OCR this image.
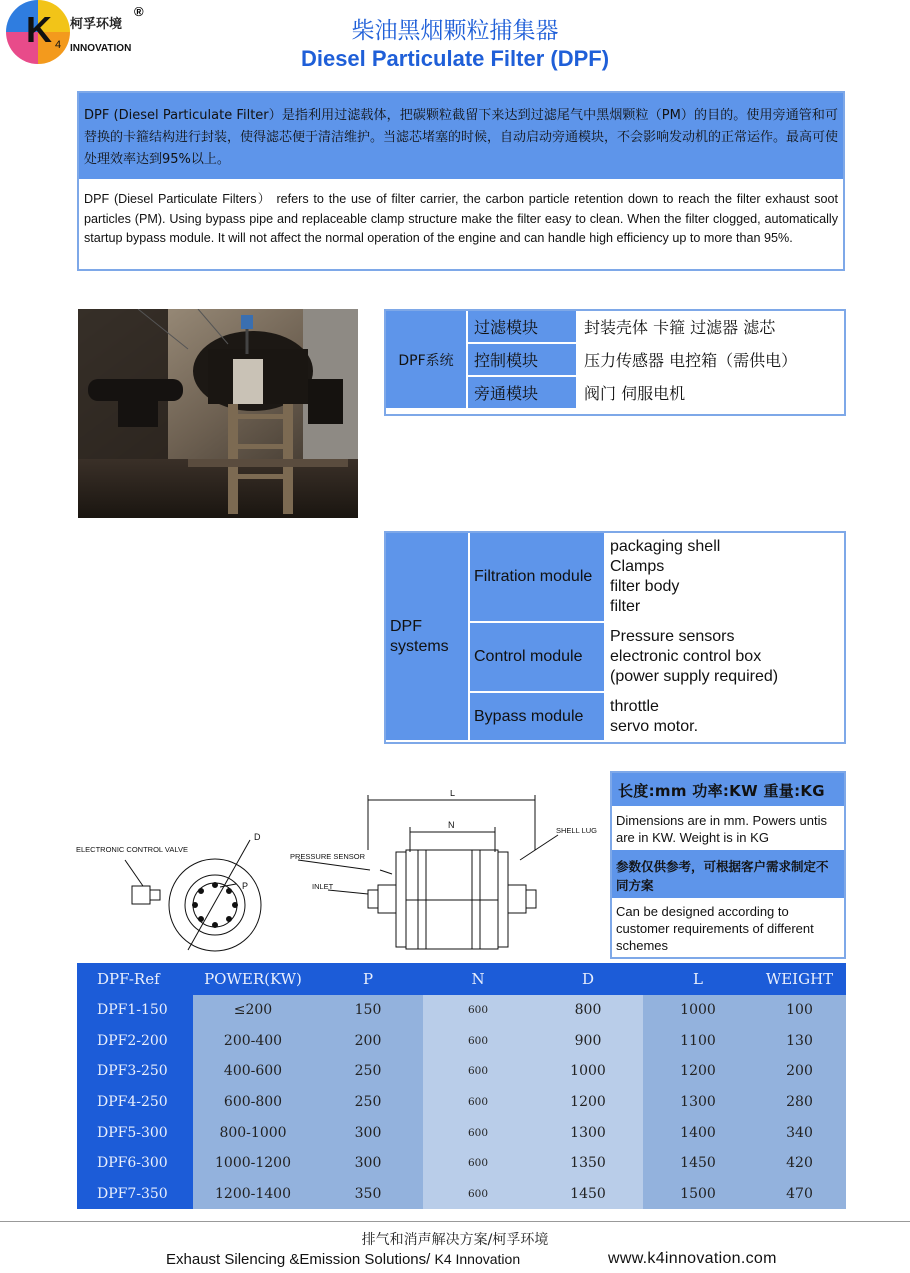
K 4
柯孚环境
INNOVATION
®
柴油黑烟颗粒捕集器
Diesel Particulate Filter (DPF)
DPF (Diesel Particulate Filter）是指利用过滤载体，把碳颗粒截留下来达到过滤尾气中黑烟颗粒（PM）的目的。使用旁通管和可替换的卡箍结构进行封装，使得滤芯便于清洁维护。当滤芯堵塞的时候，自动启动旁通模块，不会影响发动机的正常运作。最高可使处理效率达到95%以上。
DPF (Diesel Particulate Filters） refers to the use of filter carrier, the carbon particle retention down to reach the filter exhaust soot particles (PM). Using bypass pipe and replaceable clamp structure make the filter easy to clean. When the filter clogged, automatically startup bypass module. It will not affect the normal operation of the engine and can handle high efficiency up to more than 95%.
DPF系统	过滤模块	封装壳体 卡箍 过滤器 滤芯
	控制模块	压力传感器 电控箱（需供电）
	旁通模块	阀门 伺服电机
DPF systems	Filtration module	packaging shell
Clamps
filter body
filter

	Control module	Pressure sensors
electronic control box
(power supply required)

	Bypass module	throttle
servo motor.
长度:mm 功率:KW 重量:KG
Dimensions are in mm. Powers untis are in KW. Weight is in KG
参数仅供参考，可根据客户需求制定不同方案
Can be designed according to customer requirements of different schemes
ELECTRONIC CONTROL VALVE
D
P
L
N
PRESSURE SENSOR
INLET
SHELL LUG
DPF-Ref	POWER(KW)	P	N	D	L	WEIGHT
DPF1-150	≤200	150	600	800	1000	100
DPF2-200	200-400	200	600	900	1100	130
DPF3-250	400-600	250	600	1000	1200	200
DPF4-250	600-800	250	600	1200	1300	280
DPF5-300	800-1000	300	600	1300	1400	340
DPF6-300	1000-1200	300	600	1350	1450	420
DPF7-350	1200-1400	350	600	1450	1500	470
排气和消声解决方案/柯孚环境
Exhaust Silencing &Emission Solutions/ K4 Innovation	www.k4innovation.com
